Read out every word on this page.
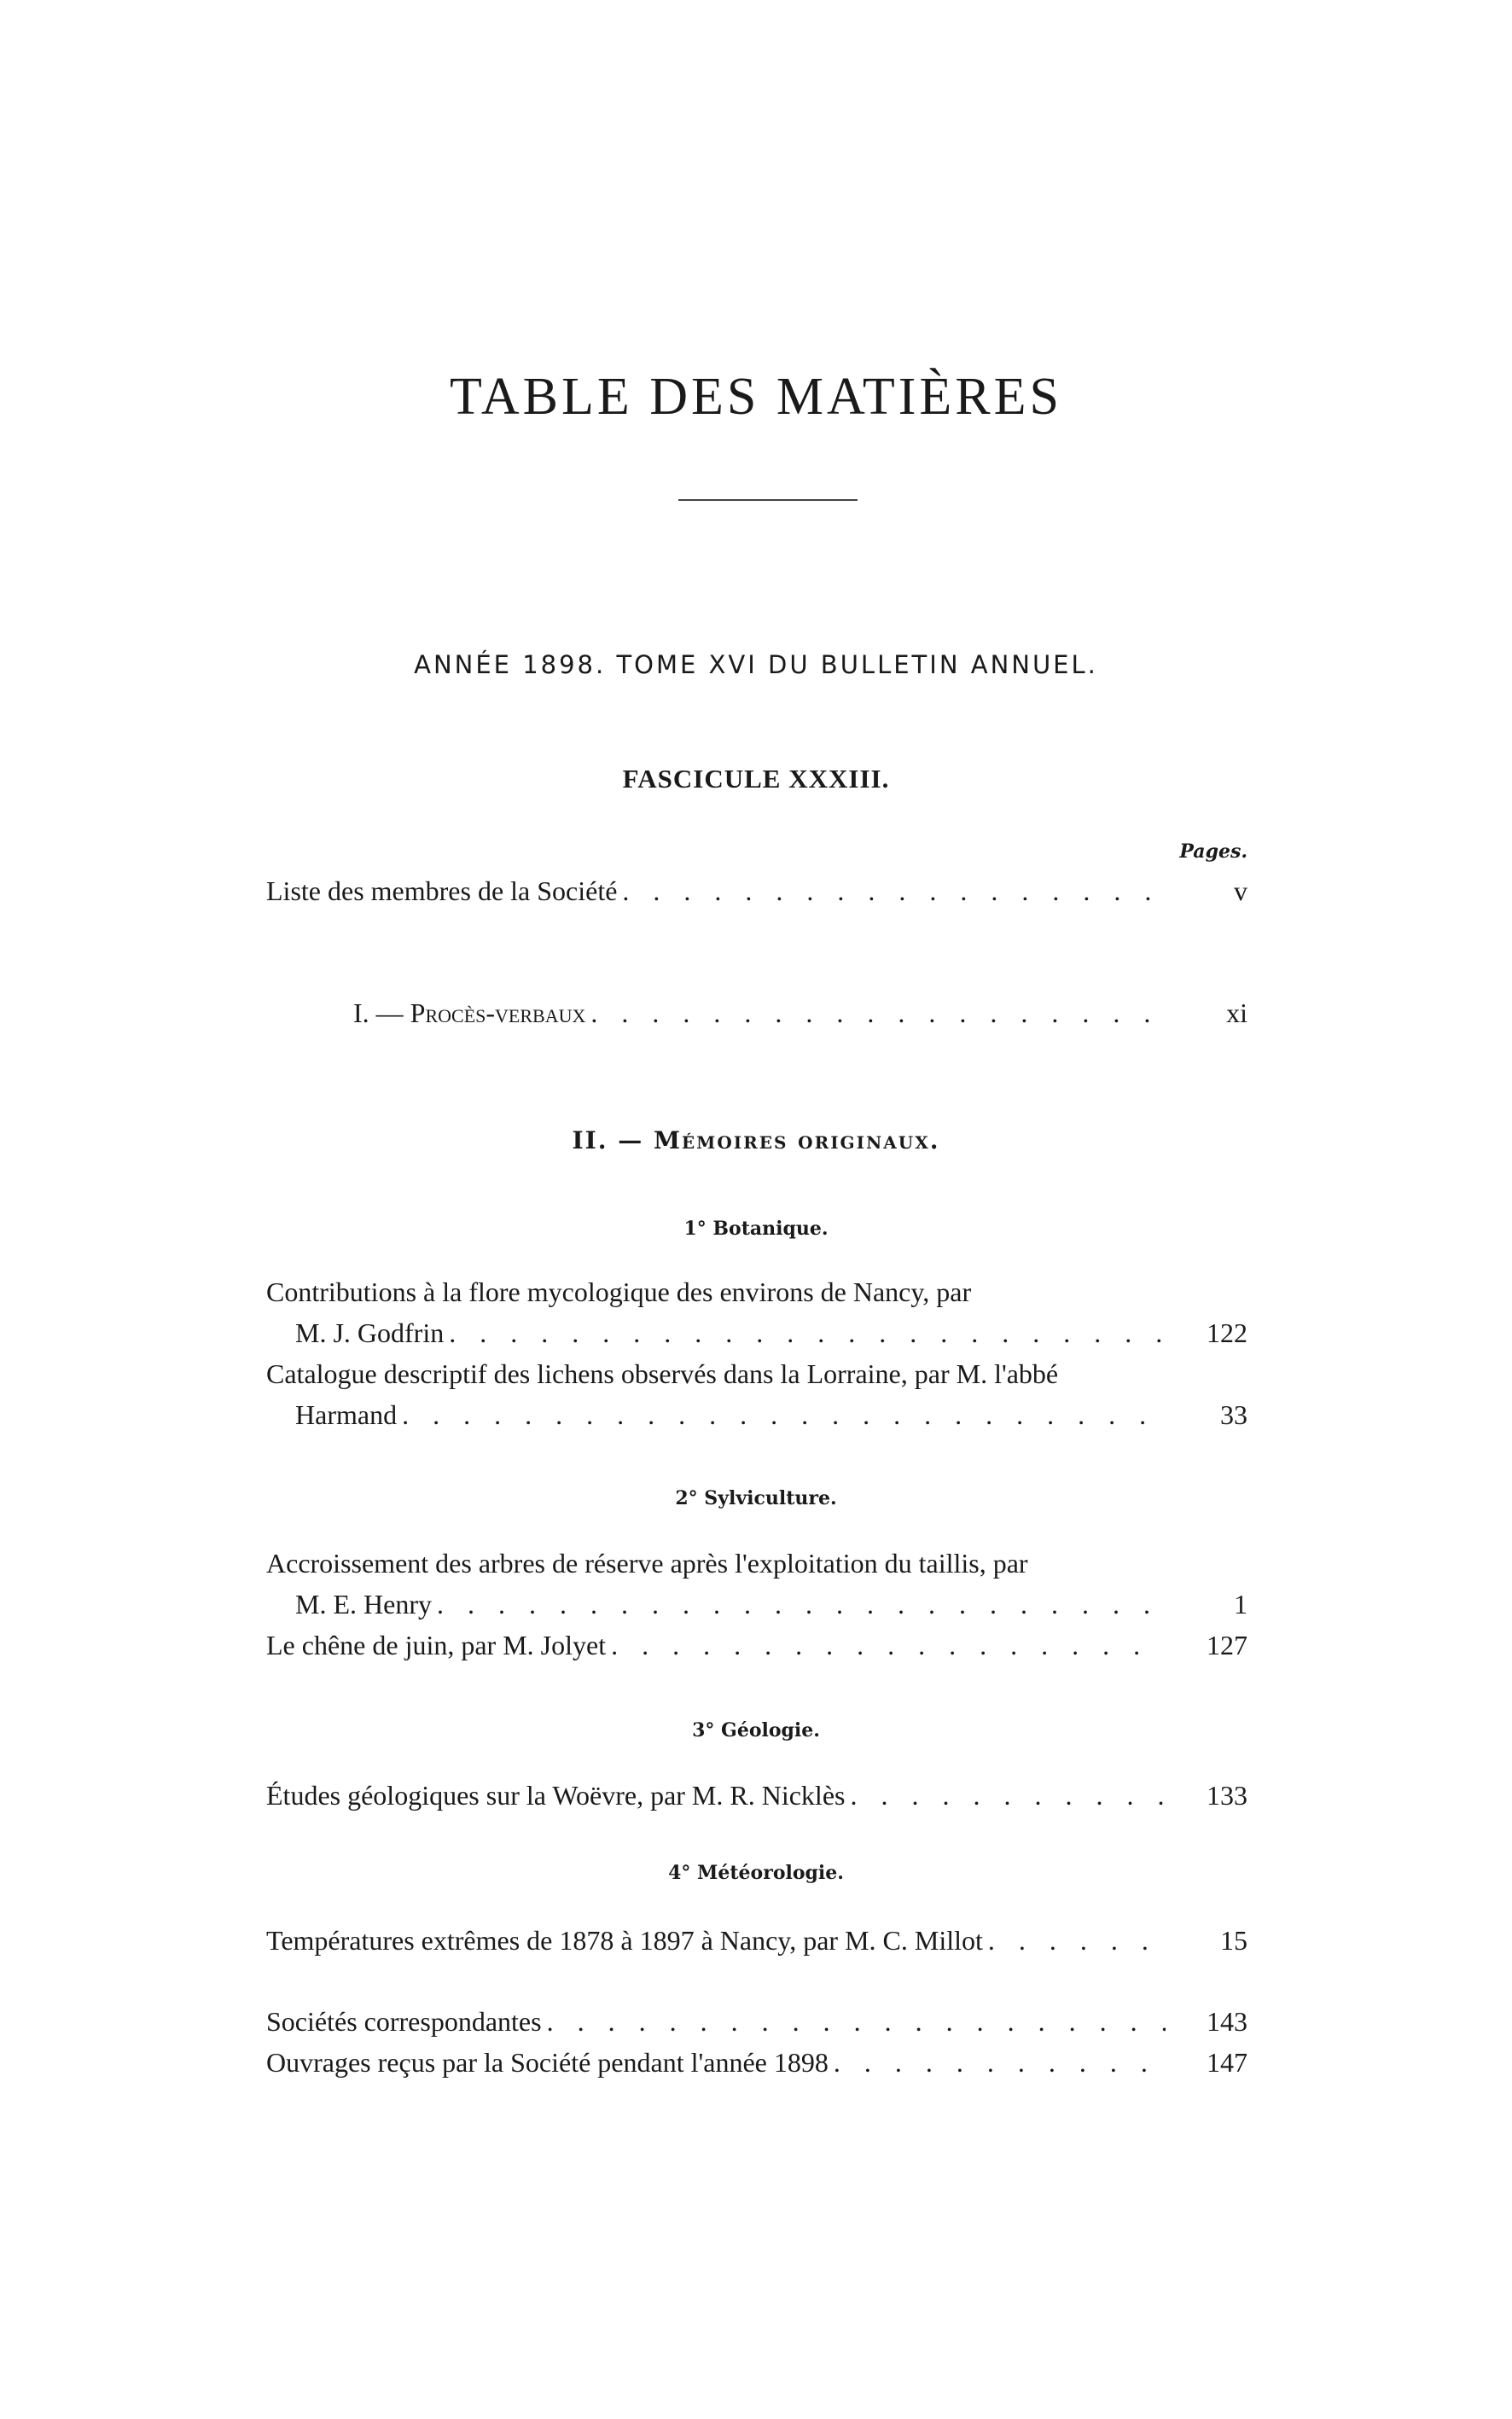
TABLE DES MATIÈRES
ANNÉE 1898. TOME XVI DU BULLETIN ANNUEL.
FASCICULE XXXIII.
Pages.
Liste des membres de la Société . . .	v
I. — Procès-verbaux . . .	xi
II. — Mémoires originaux.
1° Botanique.
Contributions à la flore mycologique des environs de Nancy, par
M. J. Godfrin . . .	122
Catalogue descriptif des lichens observés dans la Lorraine, par M. l'abbé
Harmand . . .	33
2° Sylviculture.
Accroissement des arbres de réserve après l'exploitation du taillis, par
M. E. Henry . . .	1
Le chêne de juin, par M. Jolyet . . .	127
3° Géologie.
Études géologiques sur la Woëvre, par M. R. Nicklès . . .	133
4° Météorologie.
Températures extrêmes de 1878 à 1897 à Nancy, par M. C. Millot . . .	15
Sociétés correspondantes . . .	143
Ouvrages reçus par la Société pendant l'année 1898 . . .	147
